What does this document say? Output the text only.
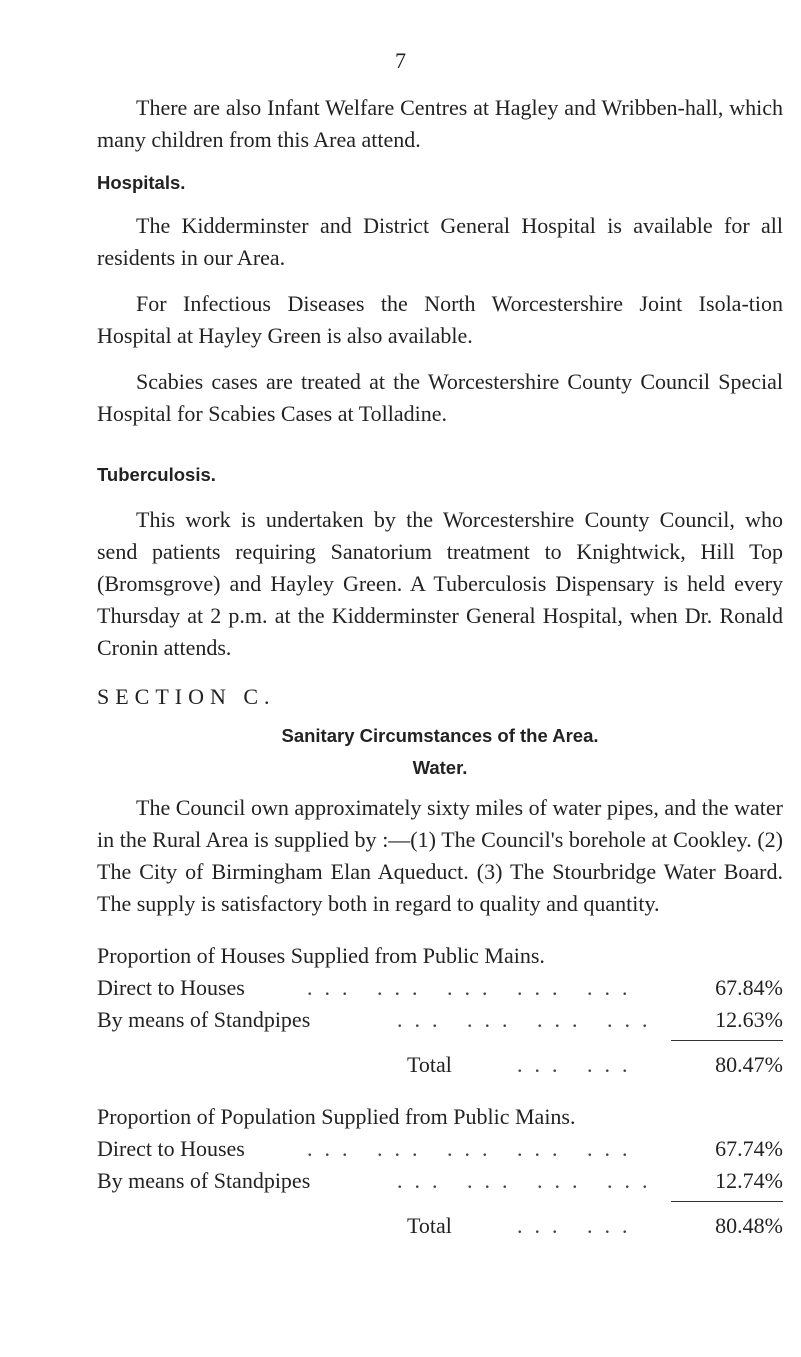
7

There are also Infant Welfare Centres at Hagley and Wribben-hall, which many children from this Area attend.

Hospitals.

The Kidderminster and District General Hospital is available for all residents in our Area.

For Infectious Diseases the North Worcestershire Joint Isola-tion Hospital at Hayley Green is also available.

Scabies cases are treated at the Worcestershire County Council Special Hospital for Scabies Cases at Tolladine.

Tuberculosis.

This work is undertaken by the Worcestershire County Council, who send patients requiring Sanatorium treatment to Knightwick, Hill Top (Bromsgrove) and Hayley Green. A Tuberculosis Dispensary is held every Thursday at 2 p.m. at the Kidderminster General Hospital, when Dr. Ronald Cronin attends.

SECTION C.
Sanitary Circumstances of the Area.
Water.

The Council own approximately sixty miles of water pipes, and the water in the Rural Area is supplied by :—(1) The Council's borehole at Cookley. (2) The City of Birmingham Elan Aqueduct. (3) The Stourbridge Water Board. The supply is satisfactory both in regard to quality and quantity.

Proportion of Houses Supplied from Public Mains.
Direct to Houses	... ... ... ... ...	67.84%
By means of Standpipes	... ... ... ...	12.63%
Total	... ...	80.47%
Proportion of Population Supplied from Public Mains.
Direct to Houses	... ... ... ... ...	67.74%
By means of Standpipes	... ... ... ...	12.74%
Total	... ...	80.48%
